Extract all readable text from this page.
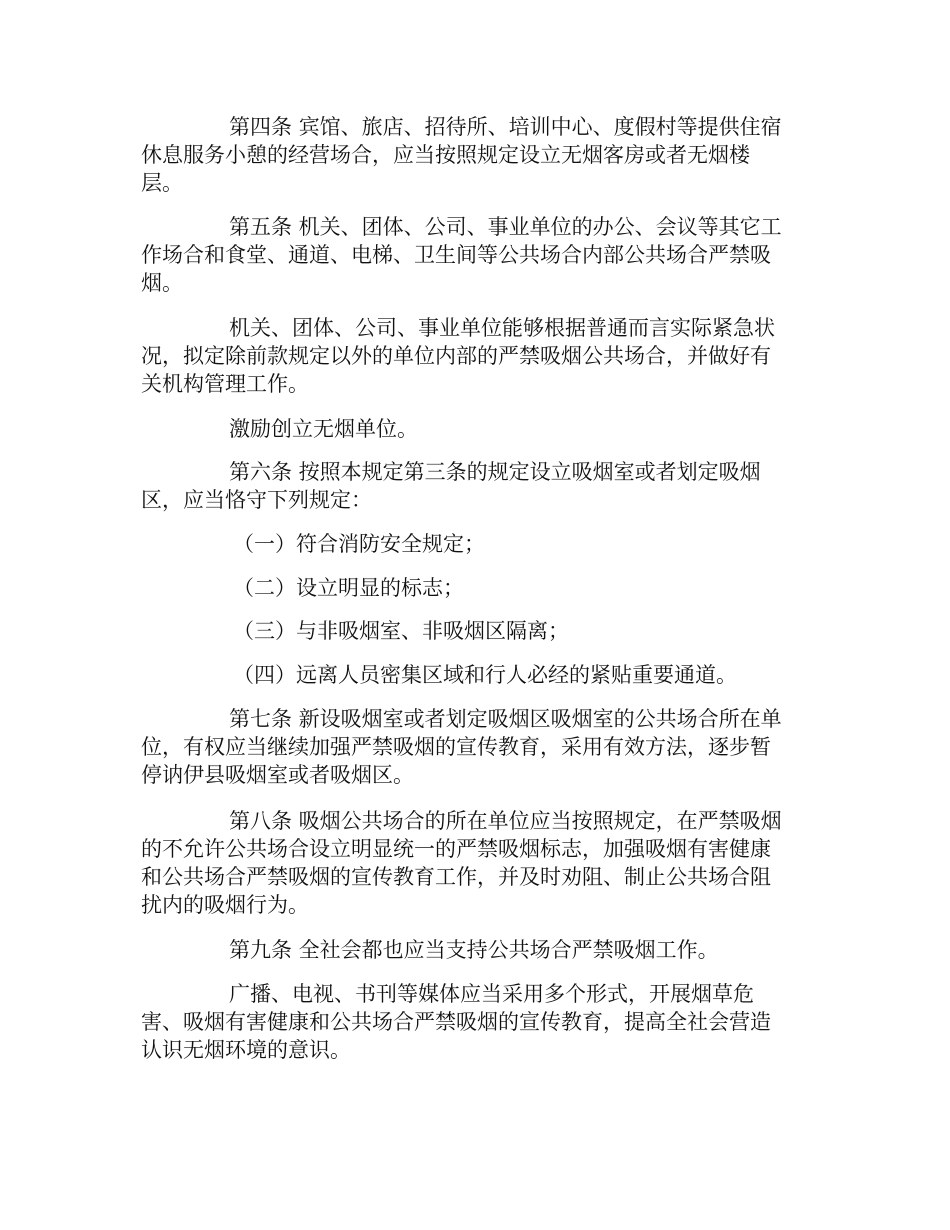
第四条 宾馆、旅店、招待所、培训中心、度假村等提供住宿
休息服务小憩的经营场合，应当按照规定设立无烟客房或者无烟楼
层。
第五条 机关、团体、公司、事业单位的办公、会议等其它工
作场合和食堂、通道、电梯、卫生间等公共场合内部公共场合严禁吸
烟。
机关、团体、公司、事业单位能够根据普通而言实际紧急状
况，拟定除前款规定以外的单位内部的严禁吸烟公共场合，并做好有
关机构管理工作。
激励创立无烟单位。
第六条 按照本规定第三条的规定设立吸烟室或者划定吸烟
区，应当恪守下列规定：
（一）符合消防安全规定；
（二）设立明显的标志；
（三）与非吸烟室、非吸烟区隔离；
（四）远离人员密集区域和行人必经的紧贴重要通道。
第七条 新设吸烟室或者划定吸烟区吸烟室的公共场合所在单
位，有权应当继续加强严禁吸烟的宣传教育，采用有效方法，逐步暂
停讷伊县吸烟室或者吸烟区。
第八条 吸烟公共场合的所在单位应当按照规定，在严禁吸烟
的不允许公共场合设立明显统一的严禁吸烟标志，加强吸烟有害健康
和公共场合严禁吸烟的宣传教育工作，并及时劝阻、制止公共场合阻
扰内的吸烟行为。
第九条 全社会都也应当支持公共场合严禁吸烟工作。
广播、电视、书刊等媒体应当采用多个形式，开展烟草危
害、吸烟有害健康和公共场合严禁吸烟的宣传教育，提高全社会营造
认识无烟环境的意识。
